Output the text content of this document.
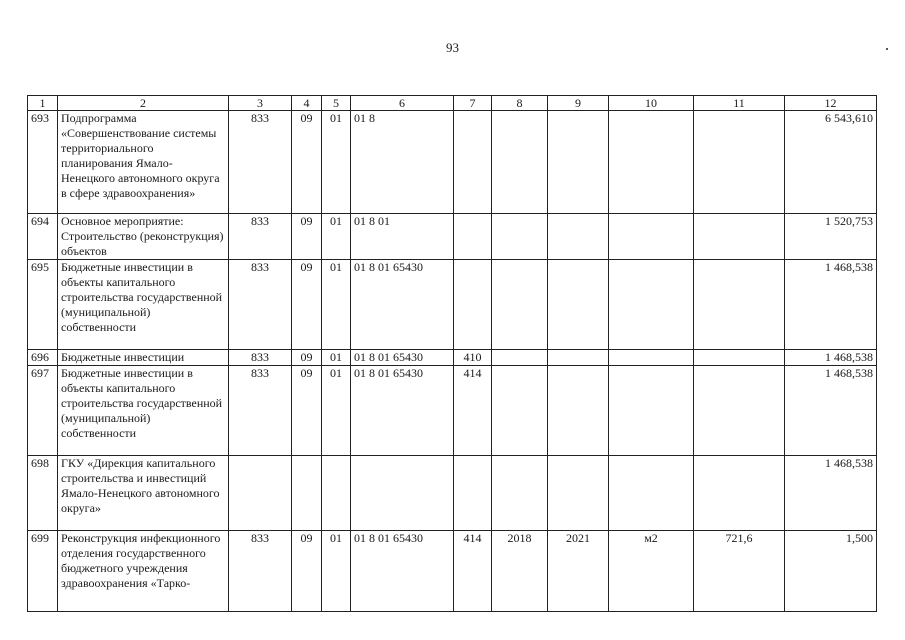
93
1	2	3	4	5	6	7	8	9	10	11	12
693	Подпрограмма «Совершенствование системы территориального планирования Ямало-Ненецкого автономного округа в сфере здравоохранения»	833	09	01	01 8						6 543,610
694	Основное мероприятие: Строительство (реконструкция) объектов	833	09	01	01 8 01						1 520,753
695	Бюджетные инвестиции в объекты капитального строительства государственной (муниципальной) собственности	833	09	01	01 8 01 65430						1 468,538
696	Бюджетные инвестиции	833	09	01	01 8 01 65430	410					1 468,538
697	Бюджетные инвестиции в объекты капитального строительства государственной (муниципальной) собственности	833	09	01	01 8 01 65430	414					1 468,538
698	ГКУ «Дирекция капитального строительства и инвестиций Ямало-Ненецкого автономного округа»										1 468,538
699	Реконструкция инфекционного отделения государственного бюджетного учреждения здравоохранения «Тарко-	833	09	01	01 8 01 65430	414	2018	2021	м2	721,6	1,500
